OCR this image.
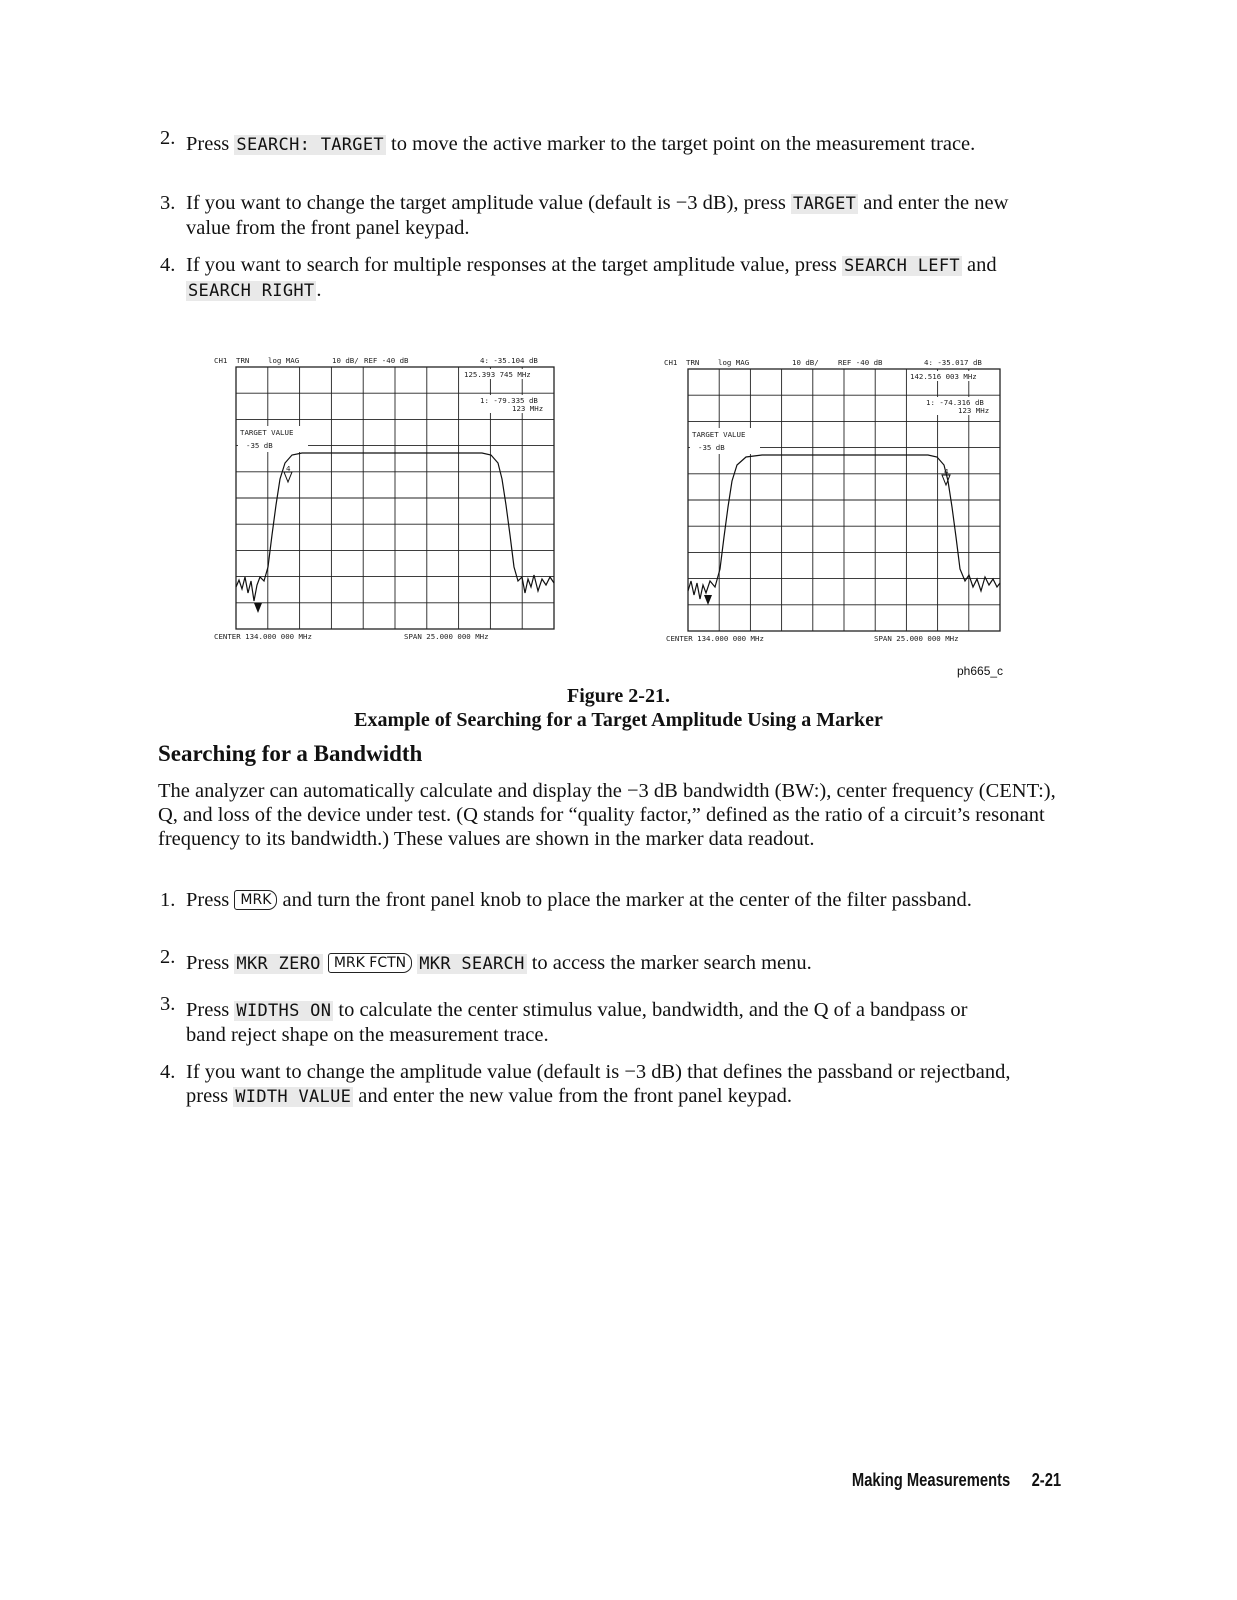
2. Press SEARCH: TARGET to move the active marker to the target point on the measurement trace.
3. If you want to change the target amplitude value (default is −3 dB), press TARGET and enter the new value from the front panel keypad.
4. If you want to search for multiple responses at the target amplitude value, press SEARCH LEFT and SEARCH RIGHT.
CH1 TRN	log MAG	10 dB/ REF -40 dB	4: -35.104 dB
125.393 745 MHz
1: -79.335 dB
123 MHz
TARGET VALUE
-35 dB
4
CENTER 134.000 000 MHz	SPAN 25.000 000 MHz
CH1 TRN	log MAG	10 dB/	REF -40 dB	4: -35.017 dB
142.516 003 MHz
1: -74.316 dB
123 MHz
TARGET VALUE
-35 dB
4
CENTER 134.000 000 MHz	SPAN 25.000 000 MHz
ph665_c
Figure 2-21.
Example of Searching for a Target Amplitude Using a Marker
Searching for a Bandwidth
The analyzer can automatically calculate and display the −3 dB bandwidth (BW:), center frequency (CENT:), Q, and loss of the device under test. (Q stands for “quality factor,” defined as the ratio of a circuit’s resonant frequency to its bandwidth.) These values are shown in the marker data readout.
1. Press MRK and turn the front panel knob to place the marker at the center of the filter passband.
2. Press MKR ZERO MRK FCTN MKR SEARCH to access the marker search menu.
3. Press WIDTHS ON to calculate the center stimulus value, bandwidth, and the Q of a bandpass or band reject shape on the measurement trace.
4. If you want to change the amplitude value (default is −3 dB) that defines the passband or rejectband, press WIDTH VALUE and enter the new value from the front panel keypad.
Making Measurements 2-21
